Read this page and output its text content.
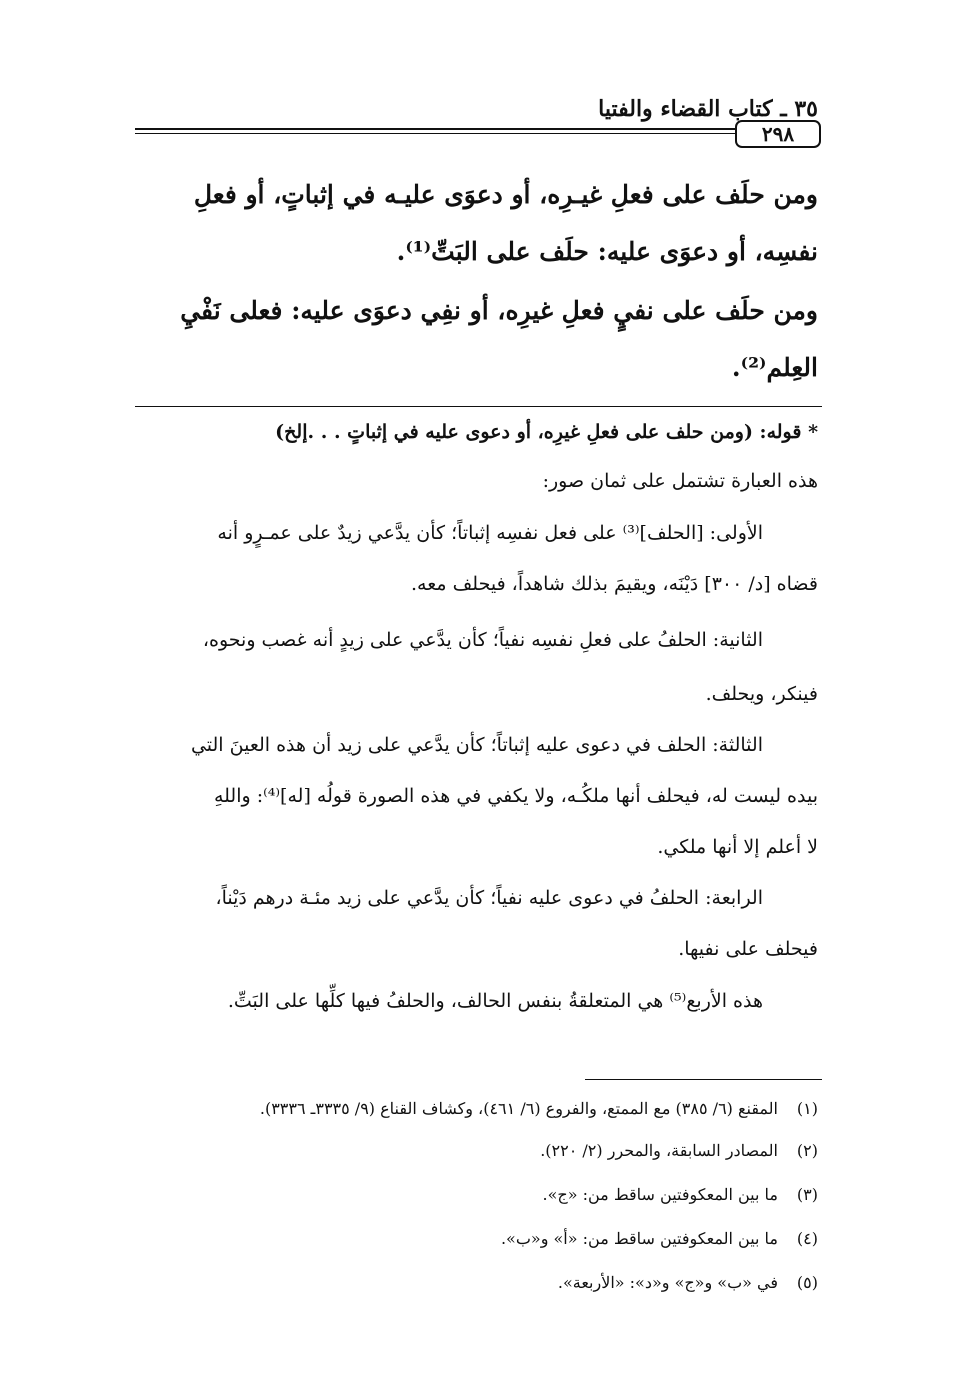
٣٥ ـ كتاب القضاء والفتيا
٢٩٨

ومن حلَف على فعلِ غيـرِه، أو دعوَى عليـه في إثباتٍ، أو فعلِ

نفسِه، أو دعوَى عليه: حلَف على البَتِّ⁽¹⁾.

ومن حلَف على نفيٍ فعلِ غيرِه، أو نفِي دعوَى عليه: فعلى نَفْيِ

العِلم⁽²⁾.

* قوله: (ومن حلف على فعلِ غيرِه، أو دعوى عليه في إثباتٍ . . .إلخ)

هذه العبارة تشتمل على ثمان صور:

الأولى: [الحلف]⁽³⁾ على فعل نفسِه إثباتاً؛ كأن يدَّعي زيدٌ على عمـرٍو أنه

قضاه [د/ ٣٠٠] دَيْنَه، ويقيمَ بذلك شاهداً، فيحلف معه.

الثانية: الحلفُ على فعلِ نفسِه نفياً؛ كأن يدَّعي على زيدٍ أنه غصب ونحوه،

فينكر، ويحلف.

الثالثة: الحلف في دعوى عليه إثباتاً؛ كأن يدَّعي على زيد أن هذه العينَ التي

بيده ليست له، فيحلف أنها ملكُـه، ولا يكفي في هذه الصورة قولُه [له]⁽⁴⁾: واللهِ

لا أعلم إلا أنها ملكي.

الرابعة: الحلفُ في دعوى عليه نفياً؛ كأن يدَّعي على زيد مئـة درهم دَيْناً،

فيحلف على نفيها.

هذه الأربع⁽⁵⁾ هي المتعلقةُ بنفس الحالف، والحلفُ فيها كلِّها على البَتِّ.

(١)المقنع (٦/ ٣٨٥) مع الممتع، والفروع (٦/ ٤٦١)، وكشاف القناع (٩/ ٣٣٣٥ـ ٣٣٣٦).

(٢)المصادر السابقة، والمحرر (٢/ ٢٢٠).

(٣)ما بين المعكوفتين ساقط من: «ج».

(٤)ما بين المعكوفتين ساقط من: «أ» و«ب».

(٥)في «ب» و«ج» و«د»: «الأربعة».
